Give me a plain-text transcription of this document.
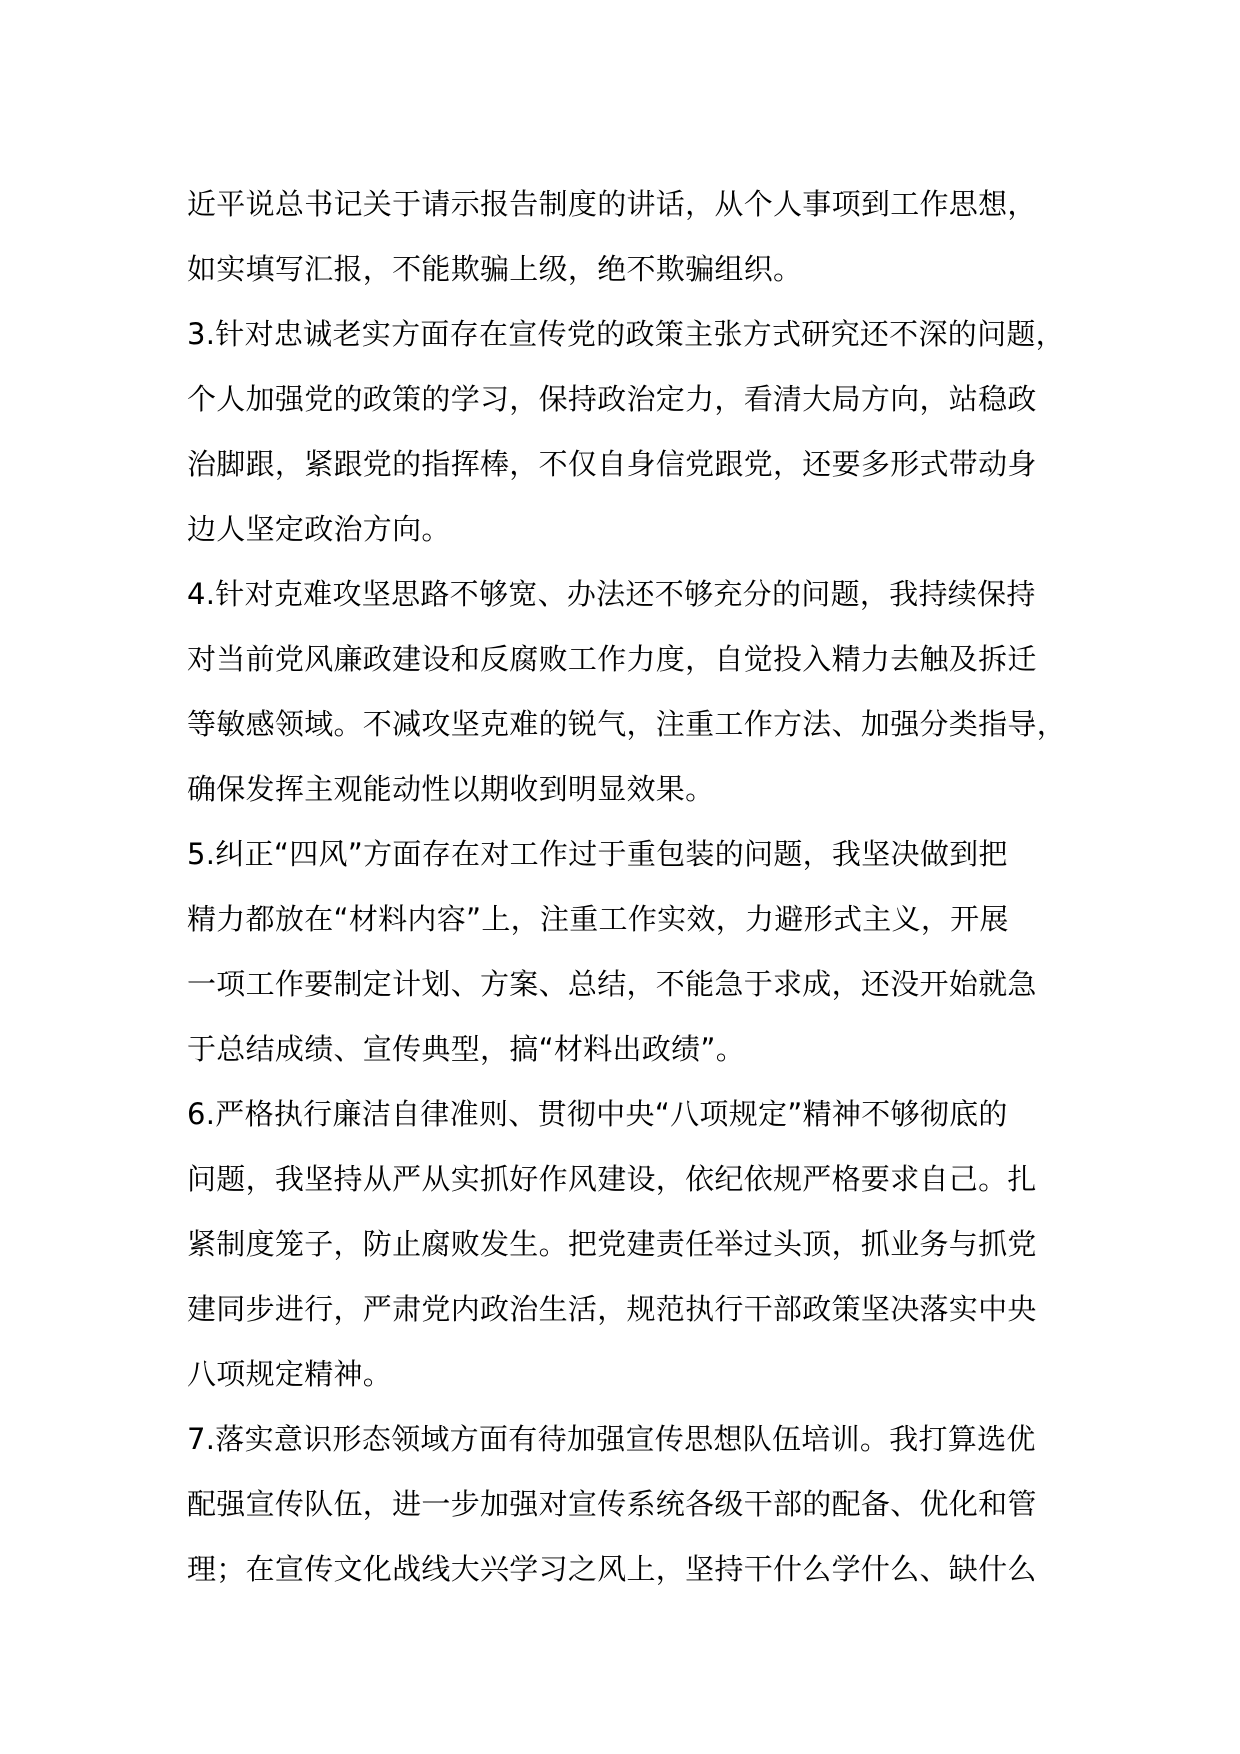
近平说总书记关于请示报告制度的讲话，从个人事项到工作思想，
如实填写汇报，不能欺骗上级，绝不欺骗组织。
3.针对忠诚老实方面存在宣传党的政策主张方式研究还不深的问题，
个人加强党的政策的学习，保持政治定力，看清大局方向，站稳政
治脚跟，紧跟党的指挥棒，不仅自身信党跟党，还要多形式带动身
边人坚定政治方向。
4.针对克难攻坚思路不够宽、办法还不够充分的问题，我持续保持
对当前党风廉政建设和反腐败工作力度，自觉投入精力去触及拆迁
等敏感领域。不减攻坚克难的锐气，注重工作方法、加强分类指导，
确保发挥主观能动性以期收到明显效果。
5.纠正“四风”方面存在对工作过于重包装的问题，我坚决做到把
精力都放在“材料内容”上，注重工作实效，力避形式主义，开展
一项工作要制定计划、方案、总结，不能急于求成，还没开始就急
于总结成绩、宣传典型，搞“材料出政绩”。
6.严格执行廉洁自律准则、贯彻中央“八项规定”精神不够彻底的
问题，我坚持从严从实抓好作风建设，依纪依规严格要求自己。扎
紧制度笼子，防止腐败发生。把党建责任举过头顶，抓业务与抓党
建同步进行，严肃党内政治生活，规范执行干部政策坚决落实中央
八项规定精神。
7.落实意识形态领域方面有待加强宣传思想队伍培训。我打算选优
配强宣传队伍，进一步加强对宣传系统各级干部的配备、优化和管
理；在宣传文化战线大兴学习之风上，坚持干什么学什么、缺什么
